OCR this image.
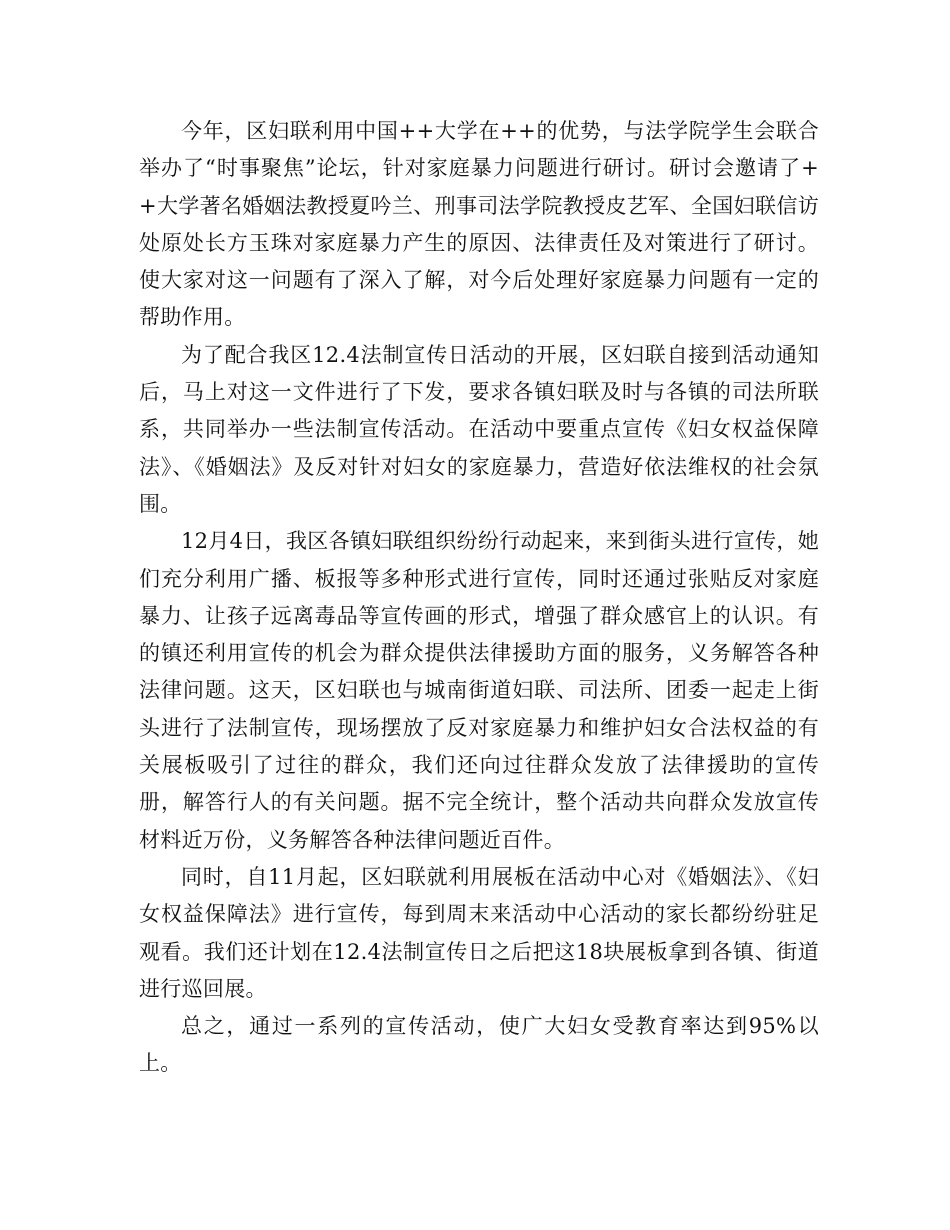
今年，区妇联利用中国++大学在++的优势，与法学院学生会联合举办了“时事聚焦”论坛，针对家庭暴力问题进行研讨。研讨会邀请了++大学著名婚姻法教授夏吟兰、刑事司法学院教授皮艺军、全国妇联信访处原处长方玉珠对家庭暴力产生的原因、法律责任及对策进行了研讨。使大家对这一问题有了深入了解，对今后处理好家庭暴力问题有一定的帮助作用。

为了配合我区12.4法制宣传日活动的开展，区妇联自接到活动通知后，马上对这一文件进行了下发，要求各镇妇联及时与各镇的司法所联系，共同举办一些法制宣传活动。在活动中要重点宣传《妇女权益保障法》、《婚姻法》及反对针对妇女的家庭暴力，营造好依法维权的社会氛围。

12月4日，我区各镇妇联组织纷纷行动起来，来到街头进行宣传，她们充分利用广播、板报等多种形式进行宣传，同时还通过张贴反对家庭暴力、让孩子远离毒品等宣传画的形式，增强了群众感官上的认识。有的镇还利用宣传的机会为群众提供法律援助方面的服务，义务解答各种法律问题。这天，区妇联也与城南街道妇联、司法所、团委一起走上街头进行了法制宣传，现场摆放了反对家庭暴力和维护妇女合法权益的有关展板吸引了过往的群众，我们还向过往群众发放了法律援助的宣传册，解答行人的有关问题。据不完全统计，整个活动共向群众发放宣传材料近万份，义务解答各种法律问题近百件。

同时，自11月起，区妇联就利用展板在活动中心对《婚姻法》、《妇女权益保障法》进行宣传，每到周末来活动中心活动的家长都纷纷驻足观看。我们还计划在12.4法制宣传日之后把这18块展板拿到各镇、街道进行巡回展。

总之，通过一系列的宣传活动，使广大妇女受教育率达到95%以上。
